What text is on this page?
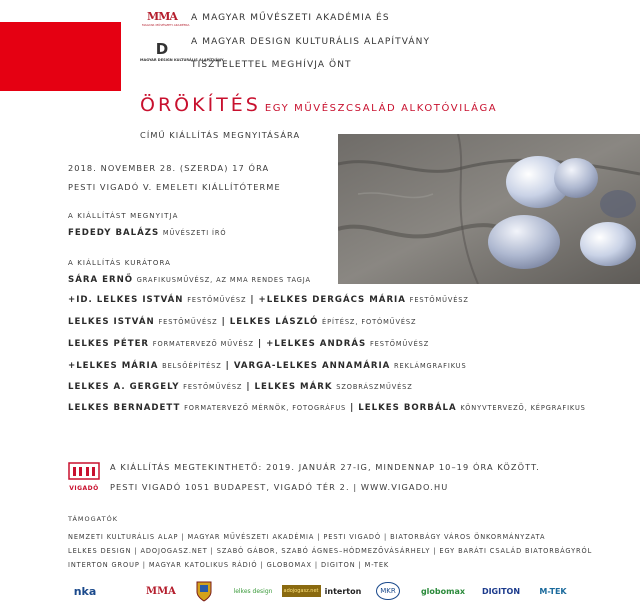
MMA
MAGYAR MŰVÉSZETI AKADÉMIA
D
MAGYAR DESIGN KULTURÁLIS ALAPÍTVÁNY
A MAGYAR MŰVÉSZETI AKADÉMIA ÉS
A MAGYAR DESIGN KULTURÁLIS ALAPÍTVÁNY
TISZTELETTEL MEGHÍVJA ÖNT
ÖRÖKÍTÉS EGY MŰVÉSZCSALÁD ALKOTÓVILÁGA
CÍMŰ KIÁLLÍTÁS MEGNYITÁSÁRA
2018. NOVEMBER 28. (SZERDA) 17 ÓRA
PESTI VIGADÓ V. EMELETI KIÁLLÍTÓTERME
A KIÁLLÍTÁST MEGNYITJA
FEDEDY BALÁZS MŰVÉSZETI ÍRÓ
A KIÁLLÍTÁS KURÁTORA
SÁRA ERNŐ GRAFIKUSMŰVÉSZ, AZ MMA RENDES TAGJA
+ID. LELKES ISTVÁN FESTŐMŰVÉSZ | +LELKES DERGÁCS MÁRIA FESTŐMŰVÉSZ
LELKES ISTVÁN FESTŐMŰVÉSZ | LELKES LÁSZLÓ ÉPÍTÉSZ, FOTÓMŰVÉSZ
LELKES PÉTER FORMATERVEZŐ MŰVÉSZ | +LELKES ANDRÁS FESTŐMŰVÉSZ
+LELKES MÁRIA BELSŐÉPÍTÉSZ | VARGA-LELKES ANNAMÁRIA REKLÁMGRAFIKUS
LELKES A. GERGELY FESTŐMŰVÉSZ | LELKES MÁRK SZOBRÁSZMŰVÉSZ
LELKES BERNADETT FORMATERVEZŐ MÉRNÖK, FOTOGRÁFUS | LELKES BORBÁLA KÖNYVTERVEZŐ, KÉPGRAFIKUS
VIGADÓ
A KIÁLLÍTÁS MEGTEKINTHETŐ: 2019. JANUÁR 27-IG, MINDENNAP 10–19 ÓRA KÖZÖTT.
PESTI VIGADÓ 1051 BUDAPEST, VIGADÓ TÉR 2. | WWW.VIGADO.HU
TÁMOGATÓK
NEMZETI KULTURÁLIS ALAP | MAGYAR MŰVÉSZETI AKADÉMIA | PESTI VIGADÓ | BIATORBÁGY VÁROS ÖNKORMÁNYZATA
LELKES DESIGN | ADOJOGASZ.NET | SZABÓ GÁBOR, SZABÓ ÁGNES–HÓDMEZŐVÁSÁRHELY | EGY BARÁTI CSALÁD BIATORBÁGYRÓL
INTERTON GROUP | MAGYAR KATOLIKUS RÁDIÓ | GLOBOMAX | DIGITON | M-TEK
nka	MMA	lelkes design	adojogasz.net interton	MKR	globomax DIGITON M-TEK
